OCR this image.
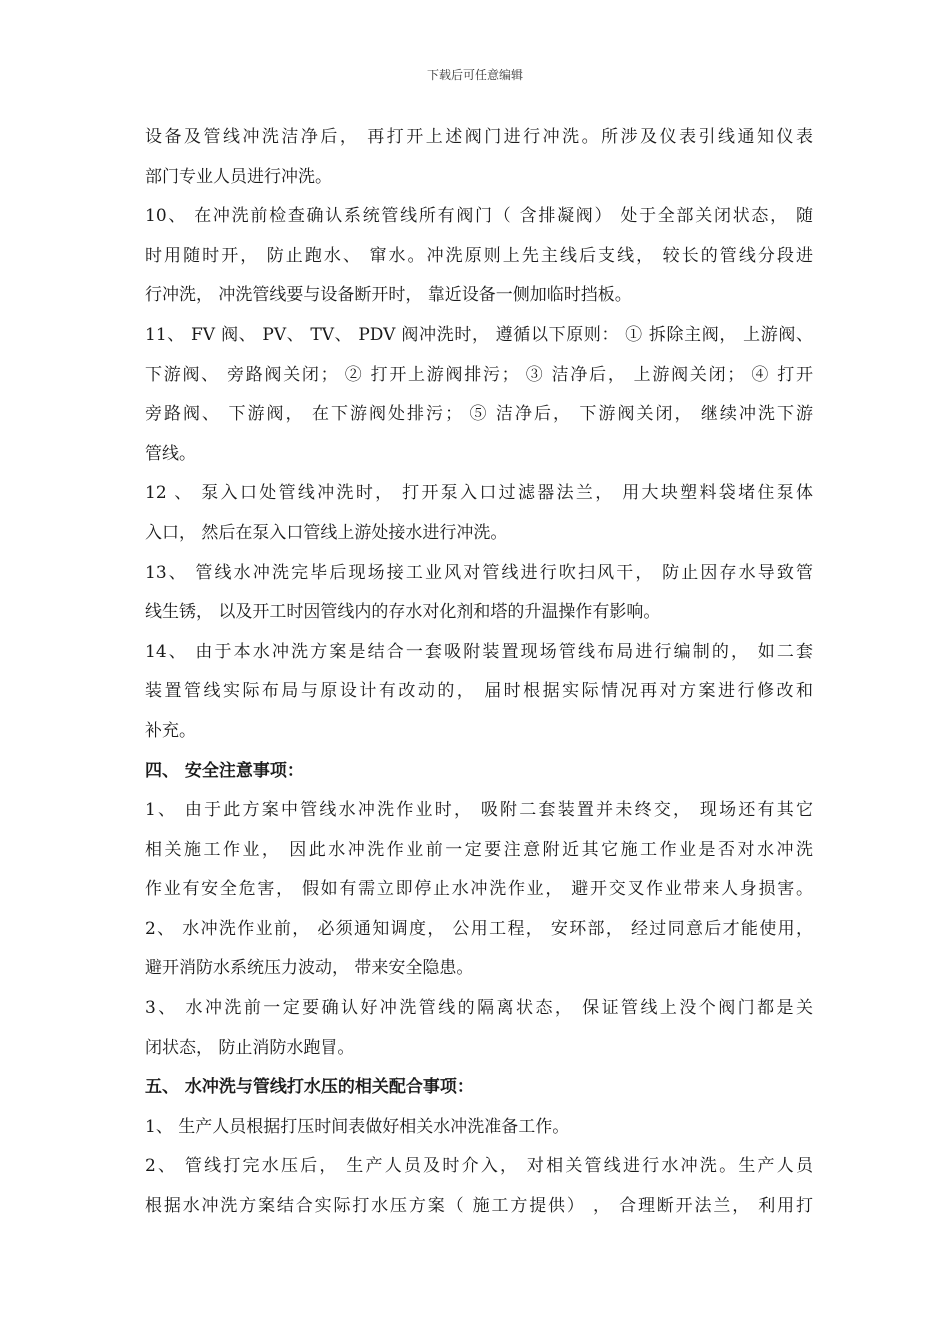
下载后可任意编辑
设备及管线冲洗洁净后， 再打开上述阀门进行冲洗。所涉及仪表引线通知仪表
部门专业人员进行冲洗。
10、 在冲洗前检查确认系统管线所有阀门（ 含排凝阀） 处于全部关闭状态， 随
时用随时开， 防止跑水、 窜水。冲洗原则上先主线后支线， 较长的管线分段进
行冲洗， 冲洗管线要与设备断开时， 靠近设备一侧加临时挡板。
11、 FV 阀、 PV、 TV、 PDV 阀冲洗时， 遵循以下原则： ① 拆除主阀， 上游阀、
下游阀、 旁路阀关闭； ② 打开上游阀排污； ③ 洁净后， 上游阀关闭； ④ 打开
旁路阀、 下游阀， 在下游阀处排污； ⑤ 洁净后， 下游阀关闭， 继续冲洗下游
管线。
12 、 泵入口处管线冲洗时， 打开泵入口过滤器法兰， 用大块塑料袋堵住泵体
入口， 然后在泵入口管线上游处接水进行冲洗。
13、 管线水冲洗完毕后现场接工业风对管线进行吹扫风干， 防止因存水导致管
线生锈， 以及开工时因管线内的存水对化剂和塔的升温操作有影响。
14、 由于本水冲洗方案是结合一套吸附装置现场管线布局进行编制的， 如二套
装置管线实际布局与原设计有改动的， 届时根据实际情况再对方案进行修改和
补充。
四、 安全注意事项：
1、 由于此方案中管线水冲洗作业时， 吸附二套装置并未终交， 现场还有其它
相关施工作业， 因此水冲洗作业前一定要注意附近其它施工作业是否对水冲洗
作业有安全危害， 假如有需立即停止水冲洗作业， 避开交叉作业带来人身损害。
2、 水冲洗作业前， 必须通知调度， 公用工程， 安环部， 经过同意后才能使用，
避开消防水系统压力波动， 带来安全隐患。
3、 水冲洗前一定要确认好冲洗管线的隔离状态， 保证管线上没个阀门都是关
闭状态， 防止消防水跑冒。
五、 水冲洗与管线打水压的相关配合事项：
1、 生产人员根据打压时间表做好相关水冲洗准备工作。
2、 管线打完水压后， 生产人员及时介入， 对相关管线进行水冲洗。生产人员
根据水冲洗方案结合实际打水压方案（ 施工方提供） ， 合理断开法兰， 利用打
